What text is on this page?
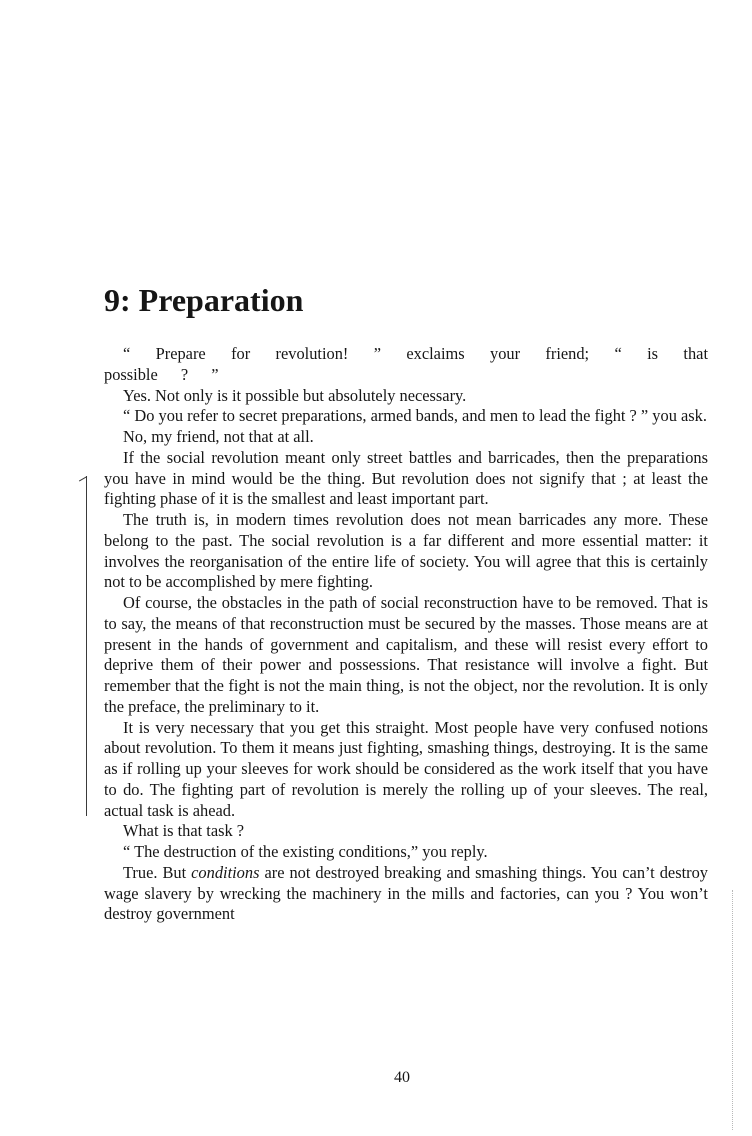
9: Preparation

“ Prepare for revolution! ” exclaims your friend; “ is that possible ? ”

Yes. Not only is it possible but absolutely necessary.

“ Do you refer to secret preparations, armed bands, and men to lead the fight ? ” you ask.

No, my friend, not that at all.

If the social revolution meant only street battles and barricades, then the preparations you have in mind would be the thing. But revolution does not signify that ; at least the fighting phase of it is the smallest and least important part.

The truth is, in modern times revolution does not mean barricades any more. These belong to the past. The social revolution is a far different and more essential matter: it involves the reorganisation of the entire life of society. You will agree that this is certainly not to be accomplished by mere fighting.

Of course, the obstacles in the path of social reconstruction have to be removed. That is to say, the means of that reconstruction must be secured by the masses. Those means are at present in the hands of government and capitalism, and these will resist every effort to deprive them of their power and possessions. That resistance will involve a fight. But remember that the fight is not the main thing, is not the object, nor the revolution. It is only the preface, the preliminary to it.

It is very necessary that you get this straight. Most people have very confused notions about revolution. To them it means just fighting, smashing things, destroying. It is the same as if rolling up your sleeves for work should be considered as the work itself that you have to do. The fighting part of revolution is merely the rolling up of your sleeves. The real, actual task is ahead.

What is that task ?

“ The destruction of the existing conditions,” you reply.

True. But conditions are not destroyed breaking and smashing things. You can’t destroy wage slavery by wrecking the machinery in the mills and factories, can you ? You won’t destroy government

40
